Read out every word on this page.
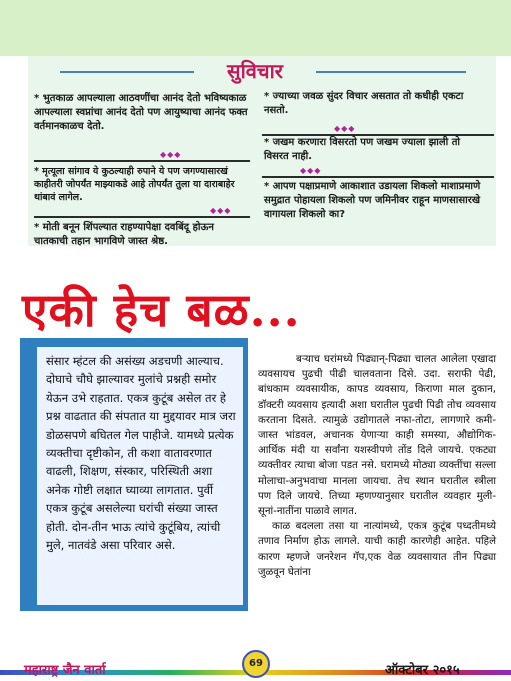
सुविचार
* भुतकाळ आपल्याला आठवणींचा आनंद देतो भविष्यकाळ आपल्याला स्वप्नांचा आनंद देतो पण आयुष्याचा आनंद फक्त वर्तमानकाळच देतो.
◆◆◆
* मृत्यूला सांगाव ये कुठल्याही रुपाने ये पण जगण्यासारखं काहीतरी जोपर्यंत माझ्याकडे आहे तोपर्यंत तुला या दाराबाहेर थांबावं लागेल.
◆◆◆
* मोती बनून शिंपल्यात राहण्यापेक्षा दवबिंदू होऊन चातकाची तहान भागविणे जास्त श्रेष्ठ.
* ज्याच्या जवळ सुंदर विचार असतात तो कधीही एकटा नसतो.
◆◆◆
* जखम करणारा विसरतो पण जखम ज्याला झाली तो विसरत नाही.
◆◆◆
* आपण पक्षाप्रमाणे आकाशात उडायला शिकलो माशाप्रमाणे समुद्रात पोहायला शिकलो पण जमिनीवर राहून माणसासारखे वागायला शिकलो का?
एकी हेच बळ...
संसार म्हंटल की असंख्य अडचणी आल्याच. दोघाचे चौघे झाल्यावर मुलांचे प्रश्नही समोर येऊन उभे राहतात. एकत्र कुटूंब असेल तर हे प्रश्न वाढतात की संपतात या मुद्दयावर मात्र जरा डोळसपणे बघितल गेल पाहीजे. यामध्ये प्रत्येक व्यक्तीचा दृष्टीकोन, ती कशा वातावरणात वाढली, शिक्षण, संस्कार, परिस्थिती अशा अनेक गोष्टी लक्षात घ्याव्या लागतात. पुर्वी एकत्र कुटूंब असलेल्या घरांची संख्या जास्त होती. दोन-तीन भाऊ त्यांचे कुटूंबिय, त्यांची मुले, नातवंडे असा परिवार असे.
बऱ्याच घरांमध्ये पिढ्यान्-पिढ्या चालत आलेला एखादा व्यवसायच पुढची पीढी चालवताना दिसे. उदा. सराफी पेढी, बांधकाम व्यवसायीक, कापड व्यवसाय, किराणा माल दुकान, डॉक्टरी व्यवसाय इत्यादी अशा घरातील पुढची पिढी तोच व्यवसाय करताना दिसते. त्यामुळे उद्योगातले नफा-तोटा, लागणारे कमी-जास्त भांडवल, अचानक येणाऱ्या काही समस्या, औद्योगिक-आर्थिक मंदी या सर्वांना यशस्वीपणे तोंड दिले जायचे. एकट्या व्यक्तीवर त्याचा बोजा पडत नसे. घरामध्ये मोठ्या व्यक्तींचा सल्ला मोलाचा-अनुभवाचा मानला जायचा. तेच स्थान घरातील स्त्रीला पण दिले जायचे. तिच्या म्हणण्यानुसार घरातील व्यवहार मुली-सूनां-नातींना पाळावे लागत.
काळ बदलला तसा या नात्यांमध्ये, एकत्र कुटूंब पध्दतीमध्ये तणाव निर्माण होऊ लागले. याची काही कारणेही आहेत. पहिले कारण म्हणजे जनरेशन गॅप,एक वेळ व्यवसायात तीन पिढ्या जुळवून घेतांना
महाराष्ट्र जैन वार्ता	69	ऑक्टोबर २०१५
